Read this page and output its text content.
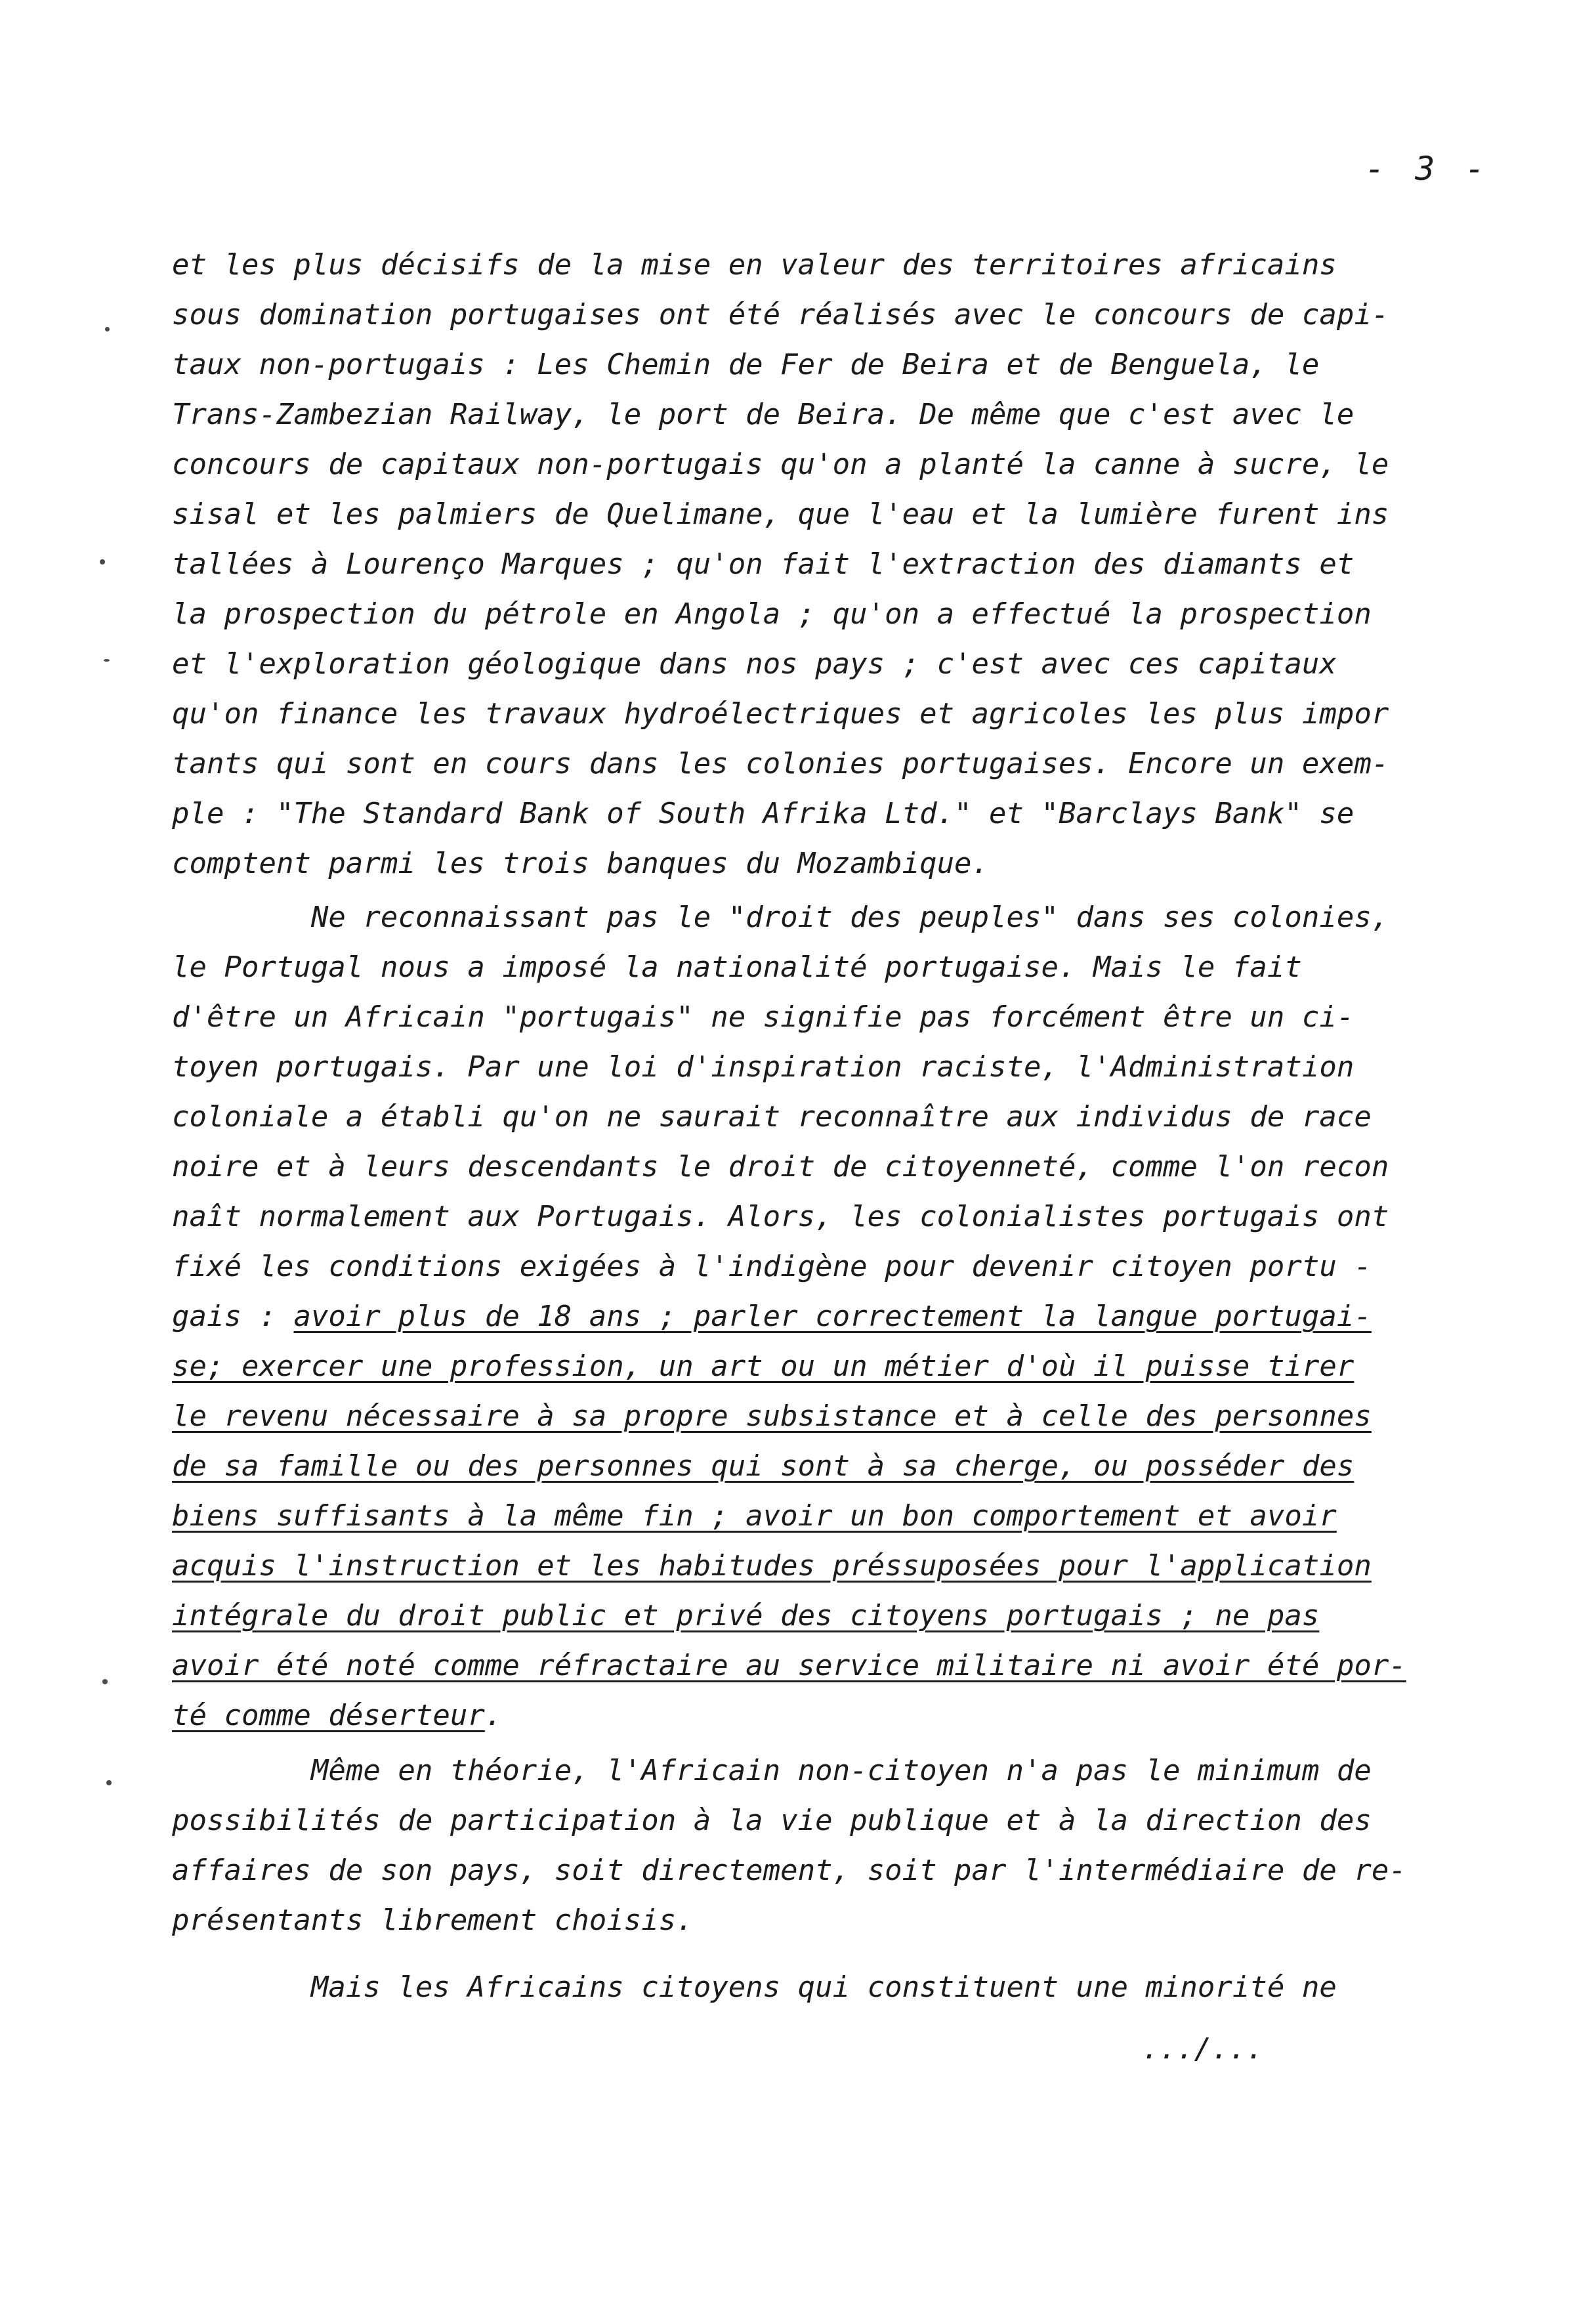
- 3 -
et les plus décisifs de la mise en valeur des territoires africains
sous domination portugaises ont été réalisés avec le concours de capi-
taux non-portugais : Les Chemin de Fer de Beira et de Benguela, le
Trans-Zambezian Railway, le port de Beira. De même que c'est avec le
concours de capitaux non-portugais qu'on a planté la canne à sucre, le
sisal et les palmiers de Quelimane, que l'eau et la lumière furent ins
tallées à Lourenço Marques ; qu'on fait l'extraction des diamants et
la prospection du pétrole en Angola ; qu'on a effectué la prospection
et l'exploration géologique dans nos pays ; c'est avec ces capitaux
qu'on finance les travaux hydroélectriques et agricoles les plus impor
tants qui sont en cours dans les colonies portugaises. Encore un exem-
ple : "The Standard Bank of South Afrika Ltd." et "Barclays Bank" se
comptent parmi les trois banques du Mozambique.
Ne reconnaissant pas le "droit des peuples" dans ses colonies,
le Portugal nous a imposé la nationalité portugaise. Mais le fait
d'être un Africain "portugais" ne signifie pas forcément être un ci-
toyen portugais. Par une loi d'inspiration raciste, l'Administration
coloniale a établi qu'on ne saurait reconnaître aux individus de race
noire et à leurs descendants le droit de citoyenneté, comme l'on recon
naît normalement aux Portugais. Alors, les colonialistes portugais ont
fixé les conditions exigées à l'indigène pour devenir citoyen portu -
gais : avoir plus de 18 ans ; parler correctement la langue portugai-
se; exercer une profession, un art ou un métier d'où il puisse tirer
le revenu nécessaire à sa propre subsistance et à celle des personnes
de sa famille ou des personnes qui sont à sa cherge, ou posséder des
biens suffisants à la même fin ; avoir un bon comportement et avoir
acquis l'instruction et les habitudes préssuposées pour l'application
intégrale du droit public et privé des citoyens portugais ; ne pas
avoir été noté comme réfractaire au service militaire ni avoir été por-
té comme déserteur.
Même en théorie, l'Africain non-citoyen n'a pas le minimum de
possibilités de participation à la vie publique et à la direction des
affaires de son pays, soit directement, soit par l'intermédiaire de re-
présentants librement choisis.
Mais les Africains citoyens qui constituent une minorité ne
.../...
